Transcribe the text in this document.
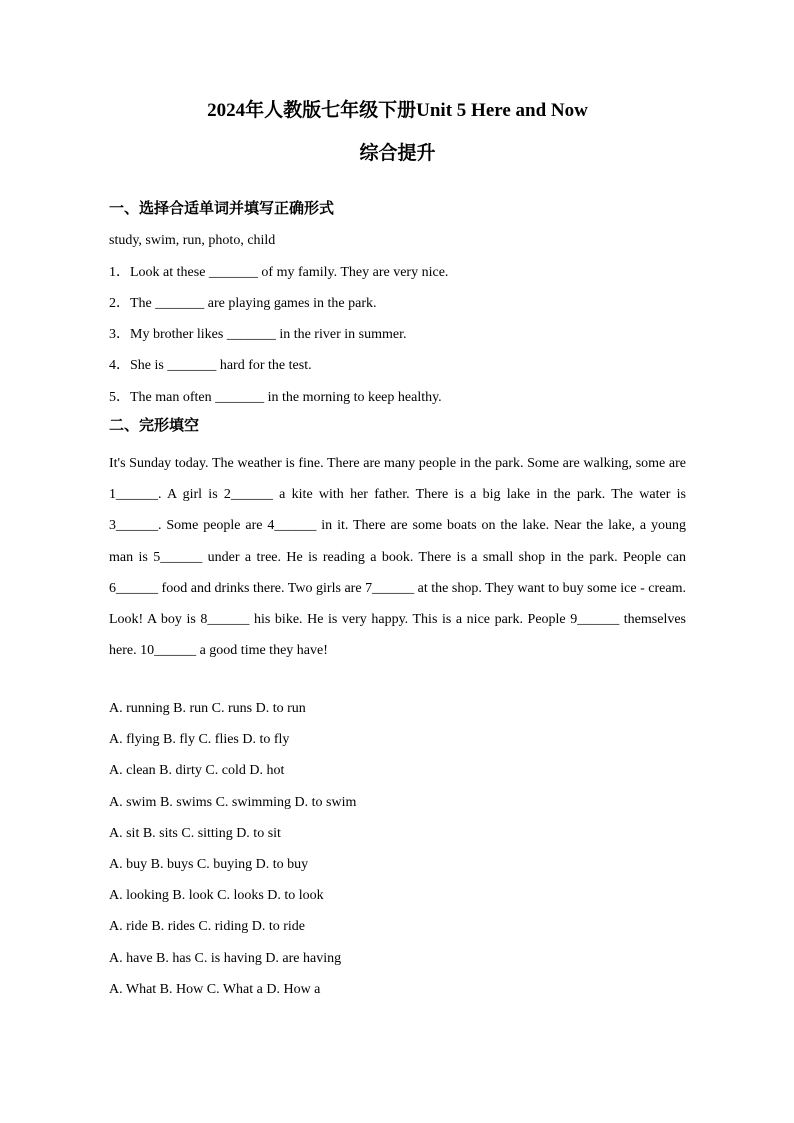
2024年人教版七年级下册Unit 5 Here and Now
综合提升
一、选择合适单词并填写正确形式
study, swim, run, photo, child
1．Look at these _______ of my family. They are very nice.
2．The _______ are playing games in the park.
3．My brother likes _______ in the river in summer.
4．She is _______ hard for the test.
5．The man often _______ in the morning to keep healthy.
二、完形填空
It's Sunday today. The weather is fine. There are many people in the park. Some are walking, some are 1______. A girl is 2______ a kite with her father. There is a big lake in the park. The water is 3______. Some people are 4______ in it. There are some boats on the lake. Near the lake, a young man is 5______ under a tree. He is reading a book. There is a small shop in the park. People can 6______ food and drinks there. Two girls are 7______ at the shop. They want to buy some ice - cream. Look! A boy is 8______ his bike. He is very happy. This is a nice park. People 9______ themselves here. 10______ a good time they have!
A. running B. run C. runs D. to run
A. flying B. fly C. flies D. to fly
A. clean B. dirty C. cold D. hot
A. swim B. swims C. swimming D. to swim
A. sit B. sits C. sitting D. to sit
A. buy B. buys C. buying D. to buy
A. looking B. look C. looks D. to look
A. ride B. rides C. riding D. to ride
A. have B. has C. is having D. are having
A. What B. How C. What a D. How a
